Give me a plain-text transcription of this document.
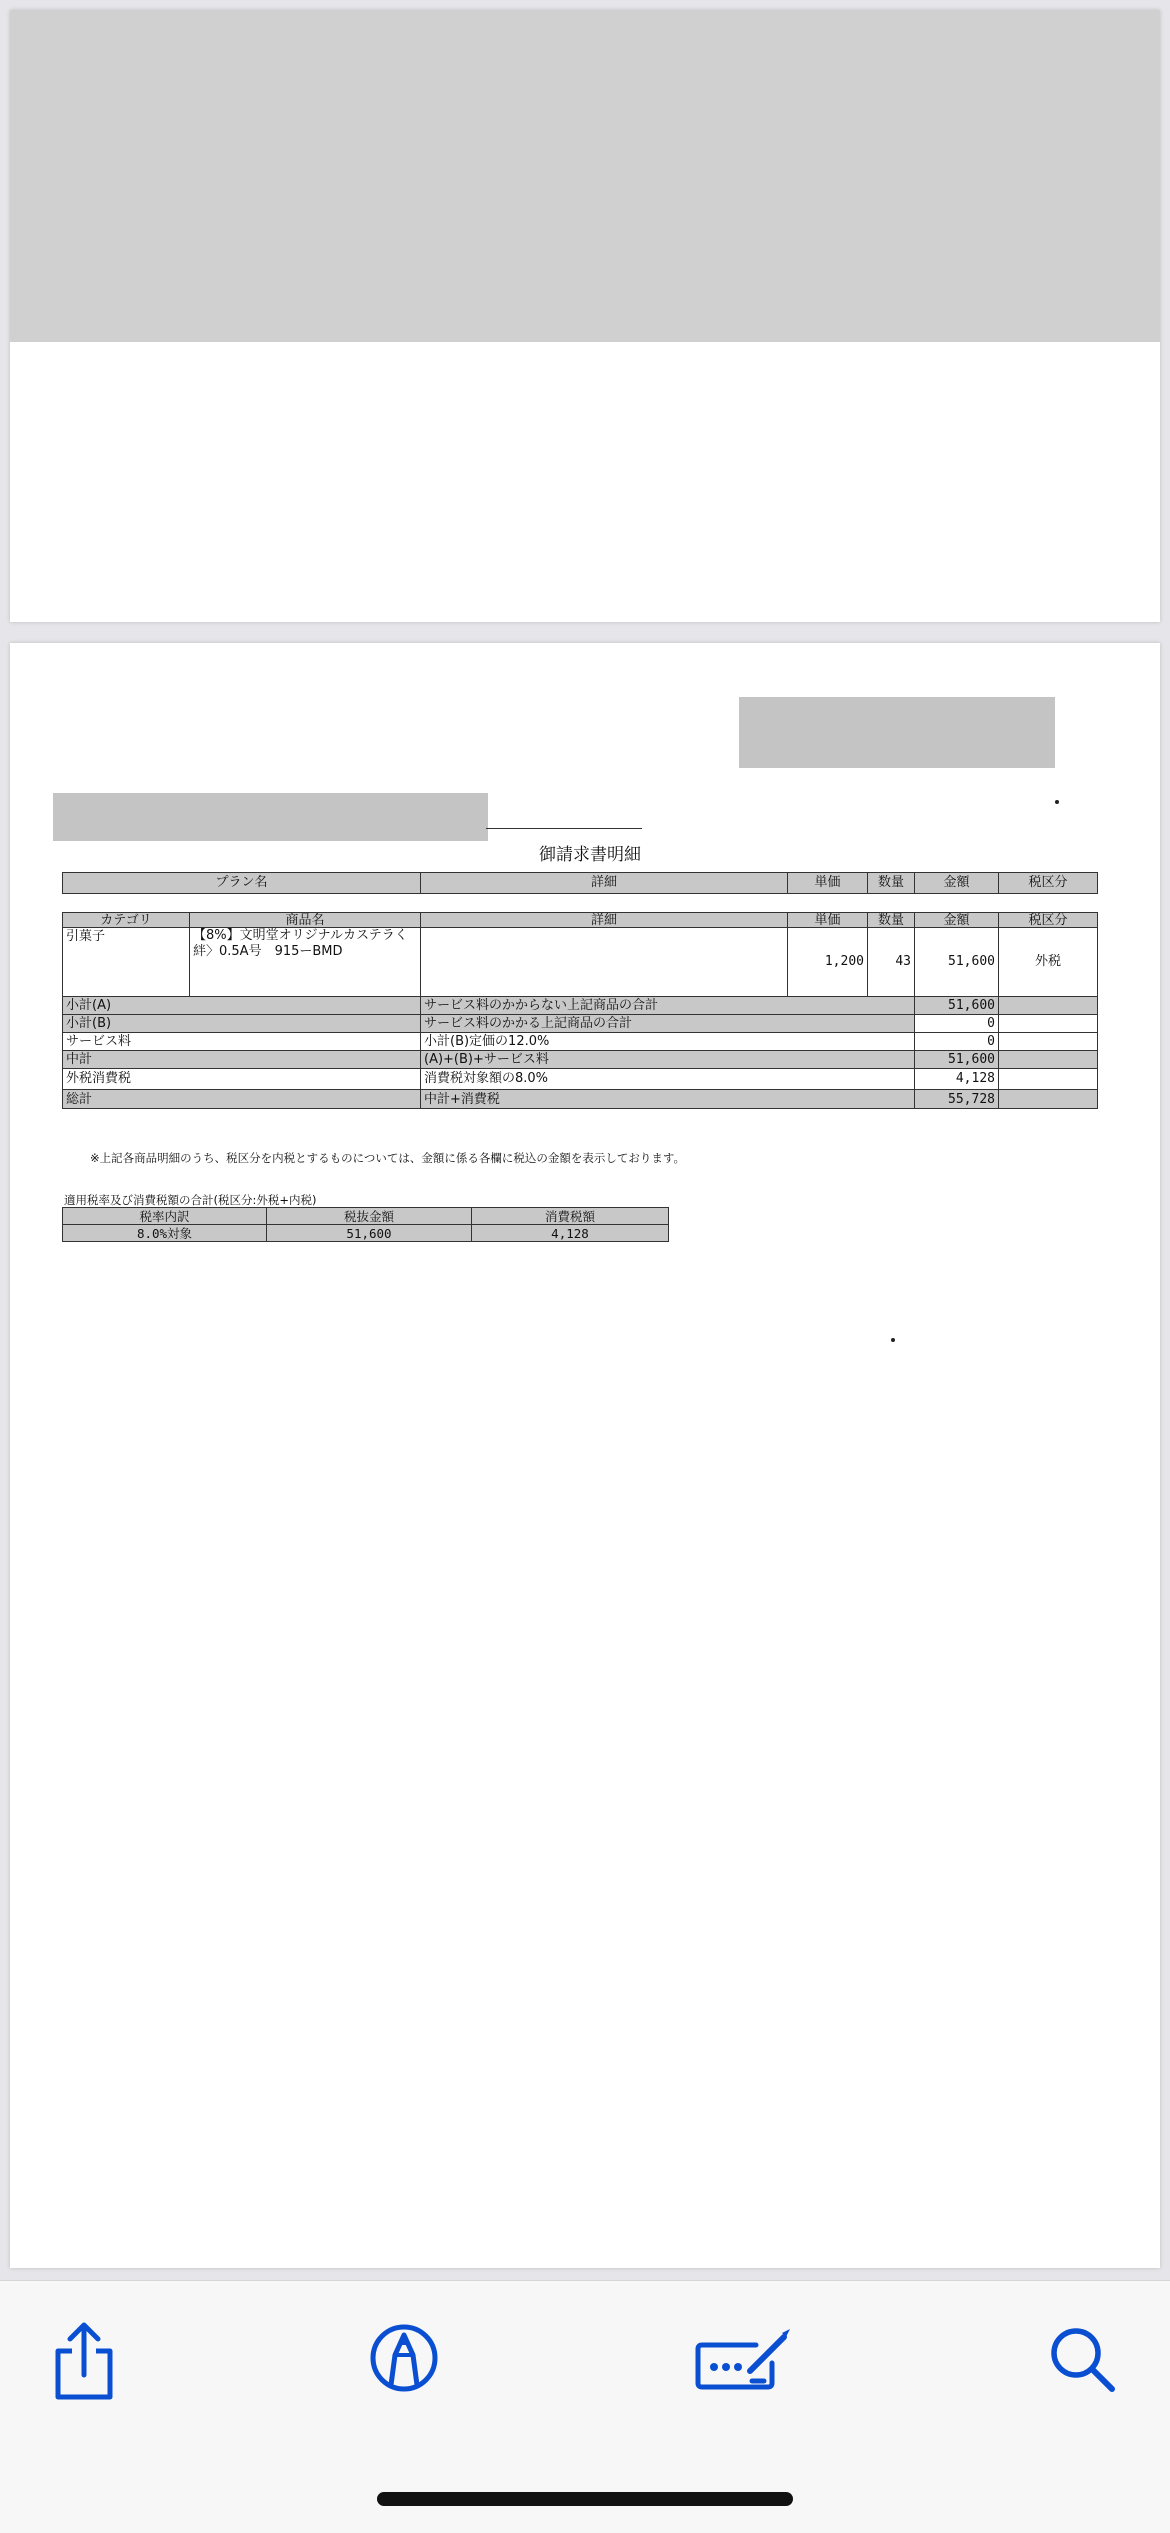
御請求書明細
プラン名	詳細	単価	数量	金額	税区分
カテゴリ	商品名	詳細	単価	数量	金額	税区分
引菓子	【8%】文明堂オリジナルカステラく
絆〉0.5A号　915ーBMD		1,200	43	51,600	外税
小計(A)		サービス料のかからない上記商品の合計			51,600	
小計(B)		サービス料のかかる上記商品の合計			0	
サービス料		小計(B)定価の12.0%			0	
中計		(A)+(B)+サービス料			51,600	
外税消費税		消費税対象額の8.0%			4,128	
総計		中計+消費税			55,728	
※上記各商品明細のうち、税区分を内税とするものについては、金額に係る各欄に税込の金額を表示しております。
適用税率及び消費税額の合計(税区分:外税+内税)
税率内訳	税抜金額	消費税額
8.0%対象	51,600	4,128
